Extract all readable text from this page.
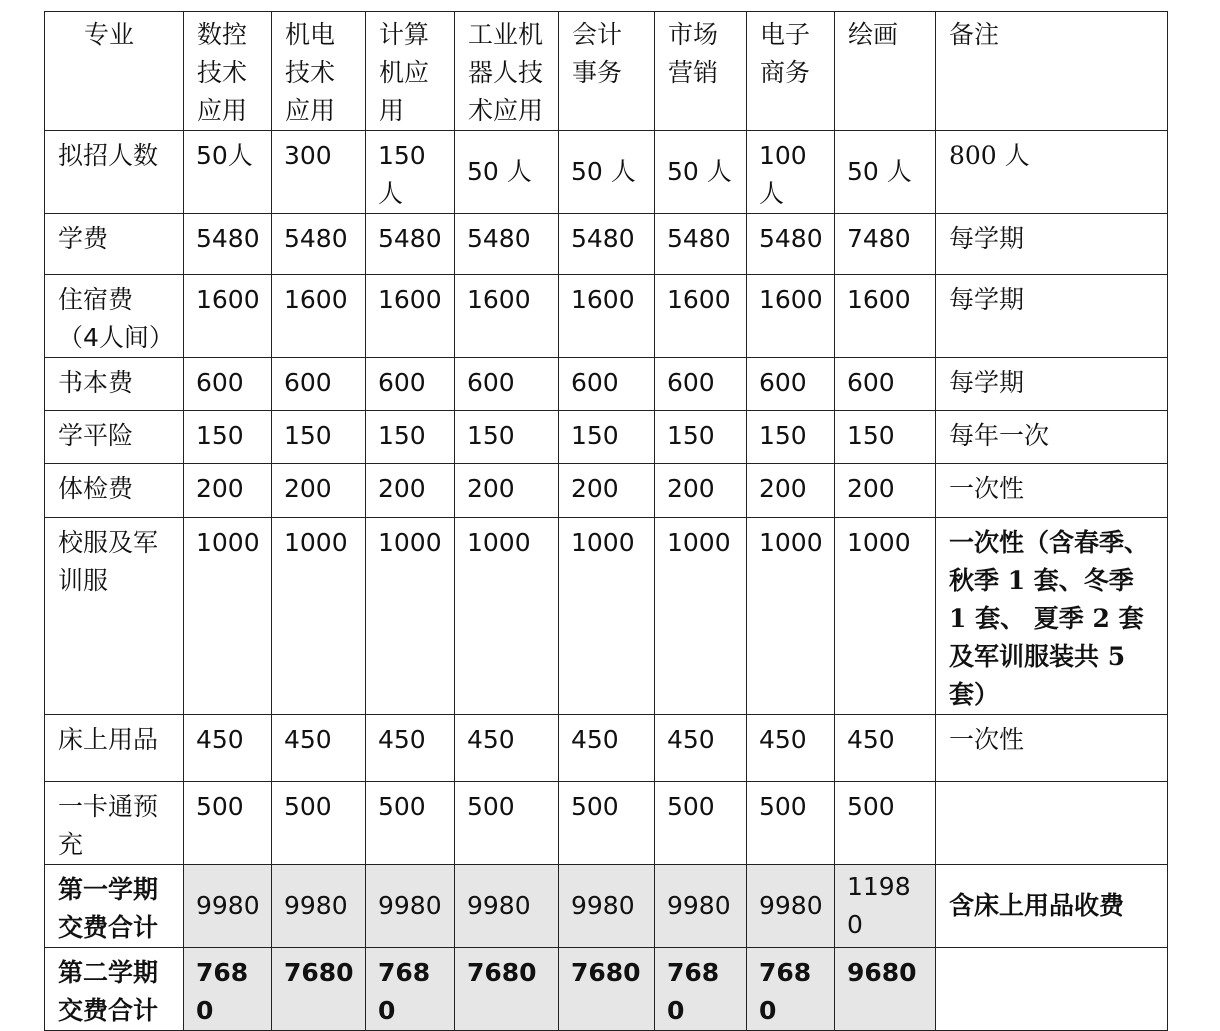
专业	数控技术应用	机电技术应用	计算机应用	工业机器人技术应用	会计事务	市场营销	电子商务	绘画	备注
拟招人数	50人	300	150人	50 人	50 人	50 人	100人	50 人	800 人
学费	5480	5480	5480	5480	5480	5480	5480	7480	每学期
住宿费（4人间）	1600	1600	1600	1600	1600	1600	1600	1600	每学期
书本费	600	600	600	600	600	600	600	600	每学期
学平险	150	150	150	150	150	150	150	150	每年一次
体检费	200	200	200	200	200	200	200	200	一次性
校服及军训服	1000	1000	1000	1000	1000	1000	1000	1000	一次性（含春季、秋季 1 套、冬季 1 套、 夏季 2 套及军训服装共 5 套）
床上用品	450	450	450	450	450	450	450	450	一次性
一卡通预充	500	500	500	500	500	500	500	500	
第一学期交费合计	9980	9980	9980	9980	9980	9980	9980	11980	含床上用品收费
第二学期交费合计	7680	7680	7680	7680	7680	7680	7680	9680	
